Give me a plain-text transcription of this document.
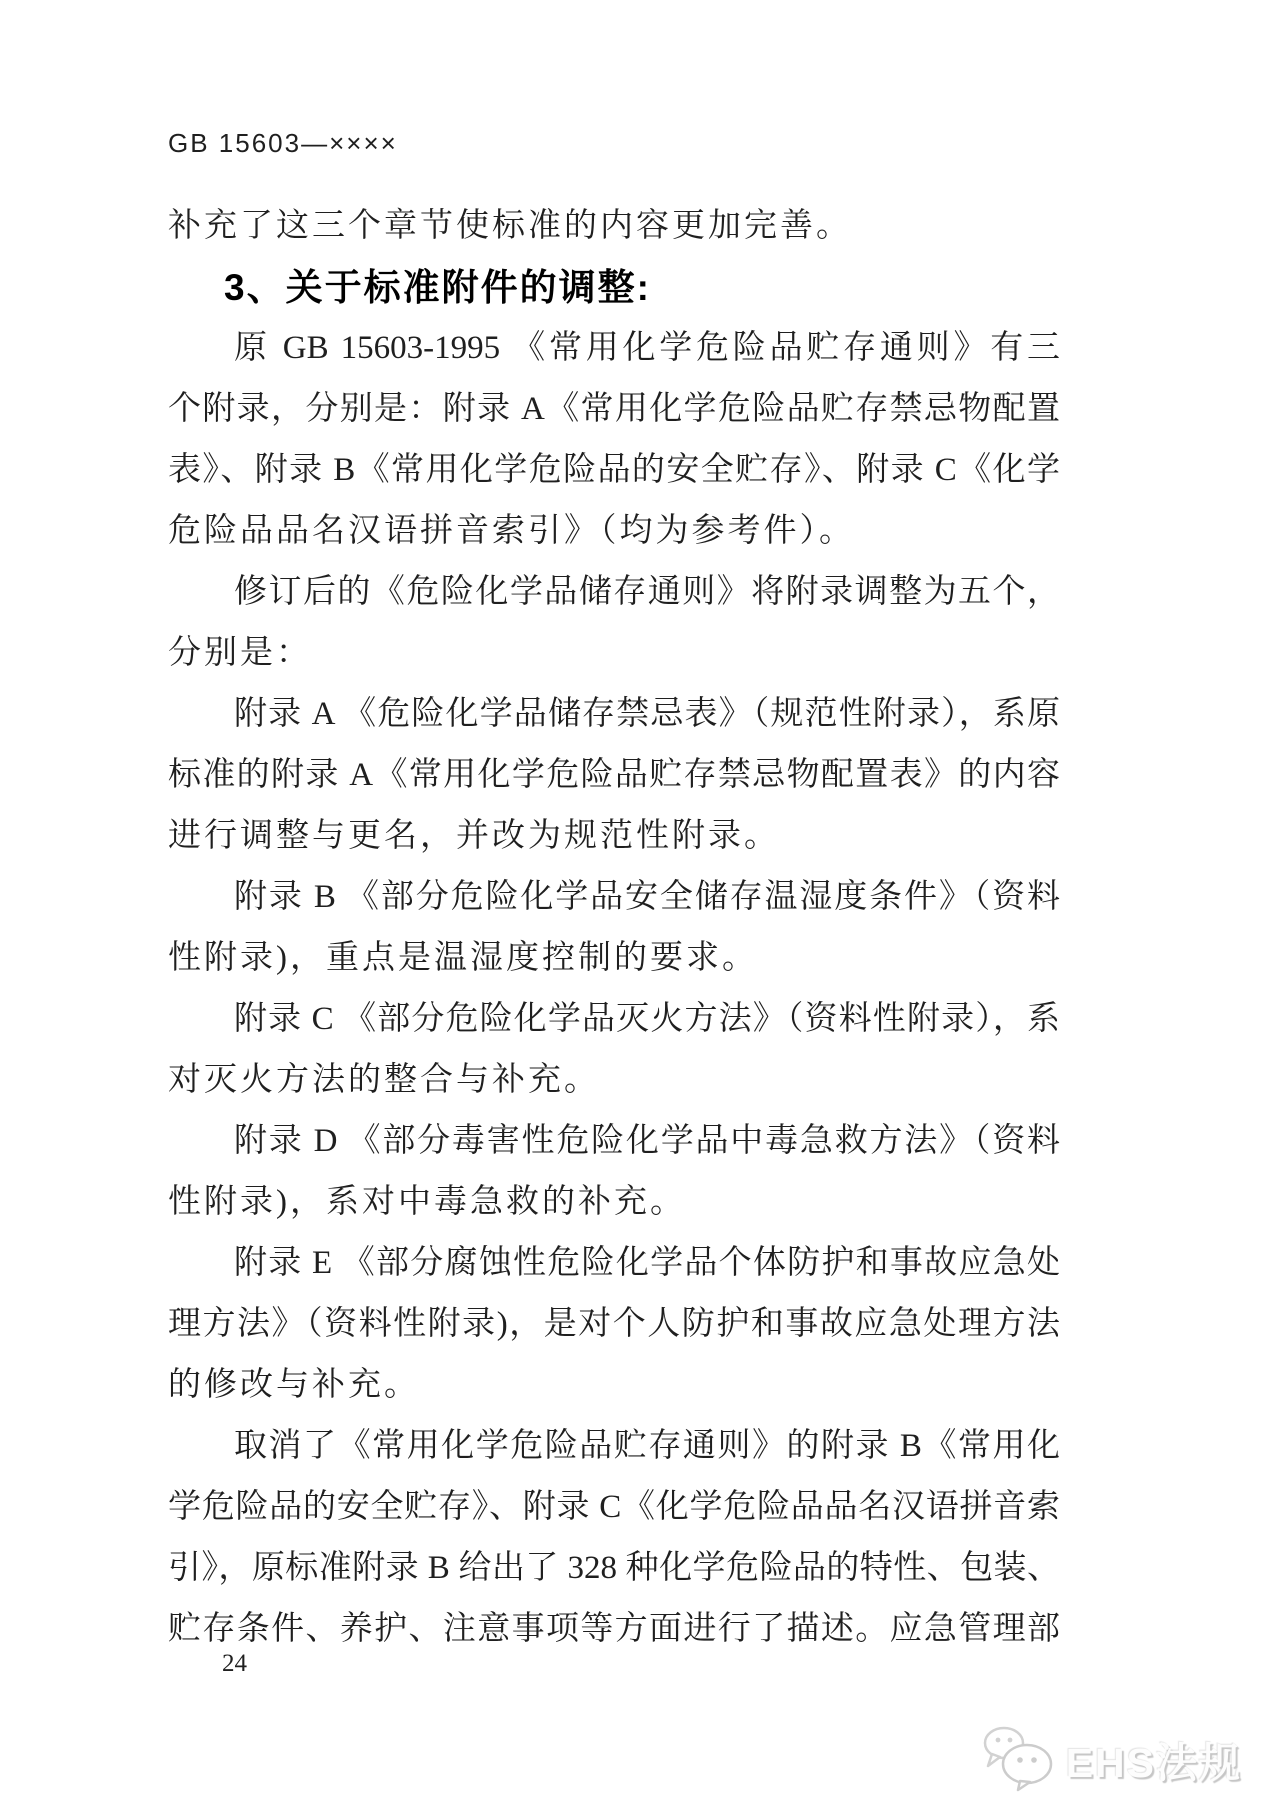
GB 15603—××××
补充了这三个章节使标准的内容更加完善。
3、关于标准附件的调整:
原 GB 15603-1995 《常用化学危险品贮存通则》有三
个附录，分别是：附录 A《常用化学危险品贮存禁忌物配置
表》、附录 B《常用化学危险品的安全贮存》、附录 C《化学
危险品品名汉语拼音索引》（均为参考件）。
修订后的《危险化学品储存通则》将附录调整为五个，
分别是：
附录 A 《危险化学品储存禁忌表》（规范性附录），系原
标准的附录 A《常用化学危险品贮存禁忌物配置表》的内容
进行调整与更名，并改为规范性附录。
附录 B 《部分危险化学品安全储存温湿度条件》（资料
性附录)，重点是温湿度控制的要求。
附录 C 《部分危险化学品灭火方法》（资料性附录），系
对灭火方法的整合与补充。
附录 D 《部分毒害性危险化学品中毒急救方法》（资料
性附录)，系对中毒急救的补充。
附录 E 《部分腐蚀性危险化学品个体防护和事故应急处
理方法》（资料性附录)，是对个人防护和事故应急处理方法
的修改与补充。
取消了《常用化学危险品贮存通则》的附录 B《常用化
学危险品的安全贮存》、附录 C《化学危险品品名汉语拼音索
引》，原标准附录 B 给出了 328 种化学危险品的特性、包装、
贮存条件、养护、注意事项等方面进行了描述。应急管理部
24
EHS法规
